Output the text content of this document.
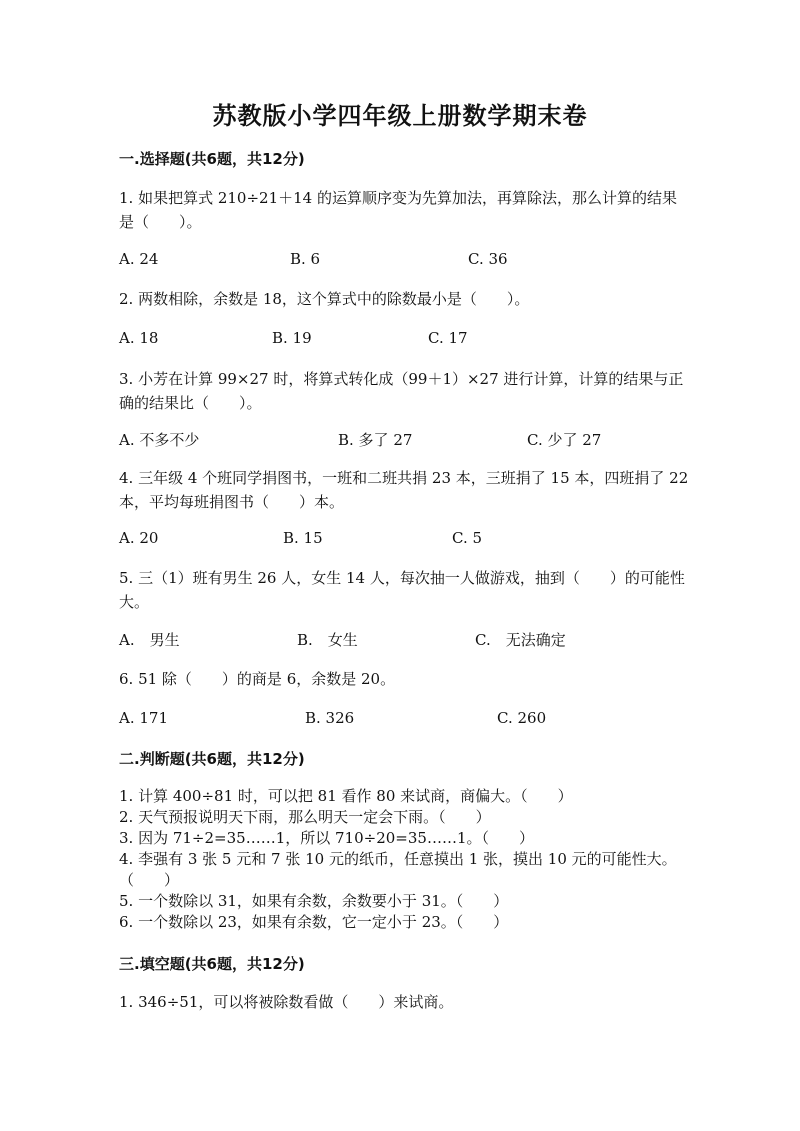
苏教版小学四年级上册数学期末卷
一.选择题(共6题，共12分)
1. 如果把算式 210÷21＋14 的运算顺序变为先算加法，再算除法，那么计算的结果是（　　）。
A. 24	B. 6	C. 36
2. 两数相除，余数是 18，这个算式中的除数最小是（　　）。
A. 18	B. 19	C. 17
3. 小芳在计算 99×27 时，将算式转化成（99＋1）×27 进行计算，计算的结果与正确的结果比（　　）。
A. 不多不少	B. 多了 27	C. 少了 27
4. 三年级 4 个班同学捐图书，一班和二班共捐 23 本，三班捐了 15 本，四班捐了 22 本，平均每班捐图书（　　）本。
A. 20	B. 15	C. 5
5. 三（1）班有男生 26 人，女生 14 人，每次抽一人做游戏，抽到（　　）的可能性大。
A.　男生	B.　女生	C.　无法确定
6. 51 除（　　）的商是 6，余数是 20。
A. 171	B. 326	C. 260
二.判断题(共6题，共12分)
1. 计算 400÷81 时，可以把 81 看作 80 来试商，商偏大。（　　）
2. 天气预报说明天下雨，那么明天一定会下雨。（　　）
3. 因为 71÷2=35……1，所以 710÷20=35……1。（　　）
4. 李强有 3 张 5 元和 7 张 10 元的纸币，任意摸出 1 张，摸出 10 元的可能性大。（　　）
5. 一个数除以 31，如果有余数，余数要小于 31。（　　）
6. 一个数除以 23，如果有余数，它一定小于 23。（　　）
三.填空题(共6题，共12分)
1. 346÷51，可以将被除数看做（　　）来试商。
